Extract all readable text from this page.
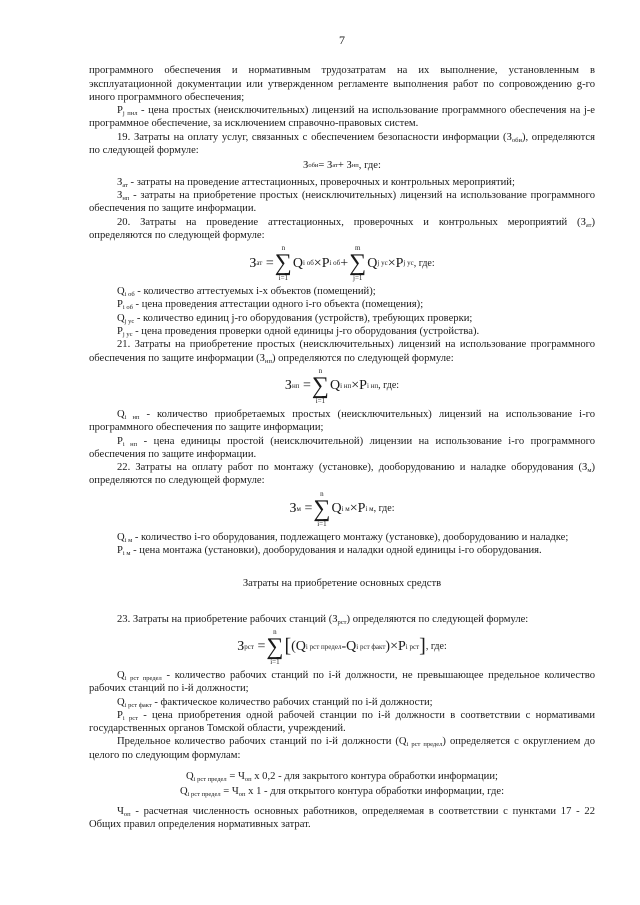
7

программного обеспечения и нормативным трудозатратам на их выполнение, установленным в эксплуатационной документации или утвержденном регламенте выполнения работ по сопровождению g-го иного программного обеспечения;

$P_{j пнл}$ - цена простых (неисключительных) лицензий на использование программного обеспечения на j-е программное обеспечение, за исключением справочно-правовых систем.

19. Затраты на оплату услуг, связанных с обеспечением безопасности информации $(З_{оби})$, определяются по следующей формуле:

З оби = З ат + З нп , где:

$З_{ат}$ - затраты на проведение аттестационных, проверочных и контрольных мероприятий;

$З_{нп}$ - затраты на приобретение простых (неисключительных) лицензий на использование программного обеспечения по защите информации.

20. Затраты на проведение аттестационных, проверочных и контрольных мероприятий $(З_{ат})$ определяются по следующей формуле:

З ат
=
n
∑
i=1
Q i об × P i об +
m
∑
j=1
Q j ус × P j ус , где:

$Q_{i об}$ - количество аттестуемых i-х объектов (помещений);

$P_{i об}$ - цена проведения аттестации одного i-го объекта (помещения);

$Q_{j ус}$ - количество единиц j-го оборудования (устройств), требующих проверки;

$P_{j ус}$ - цена проведения проверки одной единицы j-го оборудования (устройства).

21. Затраты на приобретение простых (неисключительных) лицензий на использование программного обеспечения по защите информации $(З_{нп})$ определяются по следующей формуле:

З нп
=
n
∑
i=1
Q i нп × P i нп , где:

$Q_{i нп}$ - количество приобретаемых простых (неисключительных) лицензий на использование i-го программного обеспечения по защите информации;

$P_{i нп}$ - цена единицы простой (неисключительной) лицензии на использование i-го программного обеспечения по защите информации.

22. Затраты на оплату работ по монтажу (установке), дооборудованию и наладке оборудования $(З_м)$ определяются по следующей формуле:

З м
=
n
∑
i=1
Q i м × P i м , где:

$Q_{i м}$ - количество i-го оборудования, подлежащего монтажу (установке), дооборудованию и наладке;

$P_{i м}$ - цена монтажа (установки), дооборудования и наладки одной единицы i-го оборудования.

Затраты на приобретение основных средств

23. Затраты на приобретение рабочих станций $(З_{рст})$ определяются по следующей формуле:

З рст
=
n
∑
i=1
[ ( Q i рст предел - Q i рст факт ) × P i рст ] , где:

$Q_{i рст предел}$ - количество рабочих станций по i-й должности, не превышающее предельное количество рабочих станций по i-й должности;

$Q_{i рст факт}$ - фактическое количество рабочих станций по i-й должности;

$P_{i рст}$ - цена приобретения одной рабочей станции по i-й должности в соответствии с нормативами государственных органов Томской области, учреждений.

Предельное количество рабочих станций по i-й должности $(Q_{i рст предел})$ определяется с округлением до целого по следующим формулам:

$Q_{i рст предел} = Ч_{оп}$ x 0,2 - для закрытого контура обработки информации;
$Q_{i рст предел} = Ч_{оп}$ x 1 - для открытого контура обработки информации, где:

$Ч_{оп}$ - расчетная численность основных работников, определяемая в соответствии с пунктами 17 - 22 Общих правил определения нормативных затрат.
